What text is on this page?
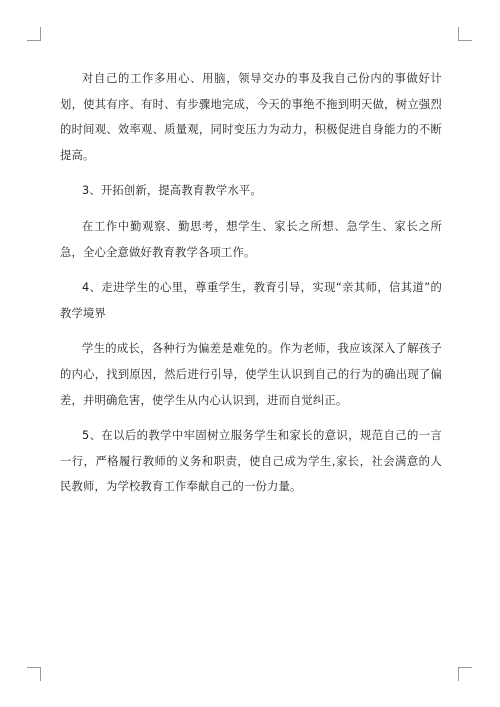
对自己的工作多用心、用脑，领导交办的事及我自己份内的事做好计划，使其有序、有时、有步骤地完成，今天的事绝不拖到明天做，树立强烈的时间观、效率观、质量观，同时变压力为动力，积极促进自身能力的不断提高。

3、开拓创新，提高教育教学水平。

在工作中勤观察、勤思考，想学生、家长之所想、急学生、家长之所急，全心全意做好教育教学各项工作。

4、走进学生的心里，尊重学生，教育引导，实现“亲其师，信其道”的教学境界

学生的成长，各种行为偏差是难免的。作为老师，我应该深入了解孩子的内心，找到原因，然后进行引导，使学生认识到自己的行为的确出现了偏差，并明确危害，使学生从内心认识到，进而自觉纠正。

5、在以后的教学中牢固树立服务学生和家长的意识，规范自己的一言一行，严格履行教师的义务和职责，使自己成为学生,家长，社会满意的人民教师，为学校教育工作奉献自己的一份力量。
